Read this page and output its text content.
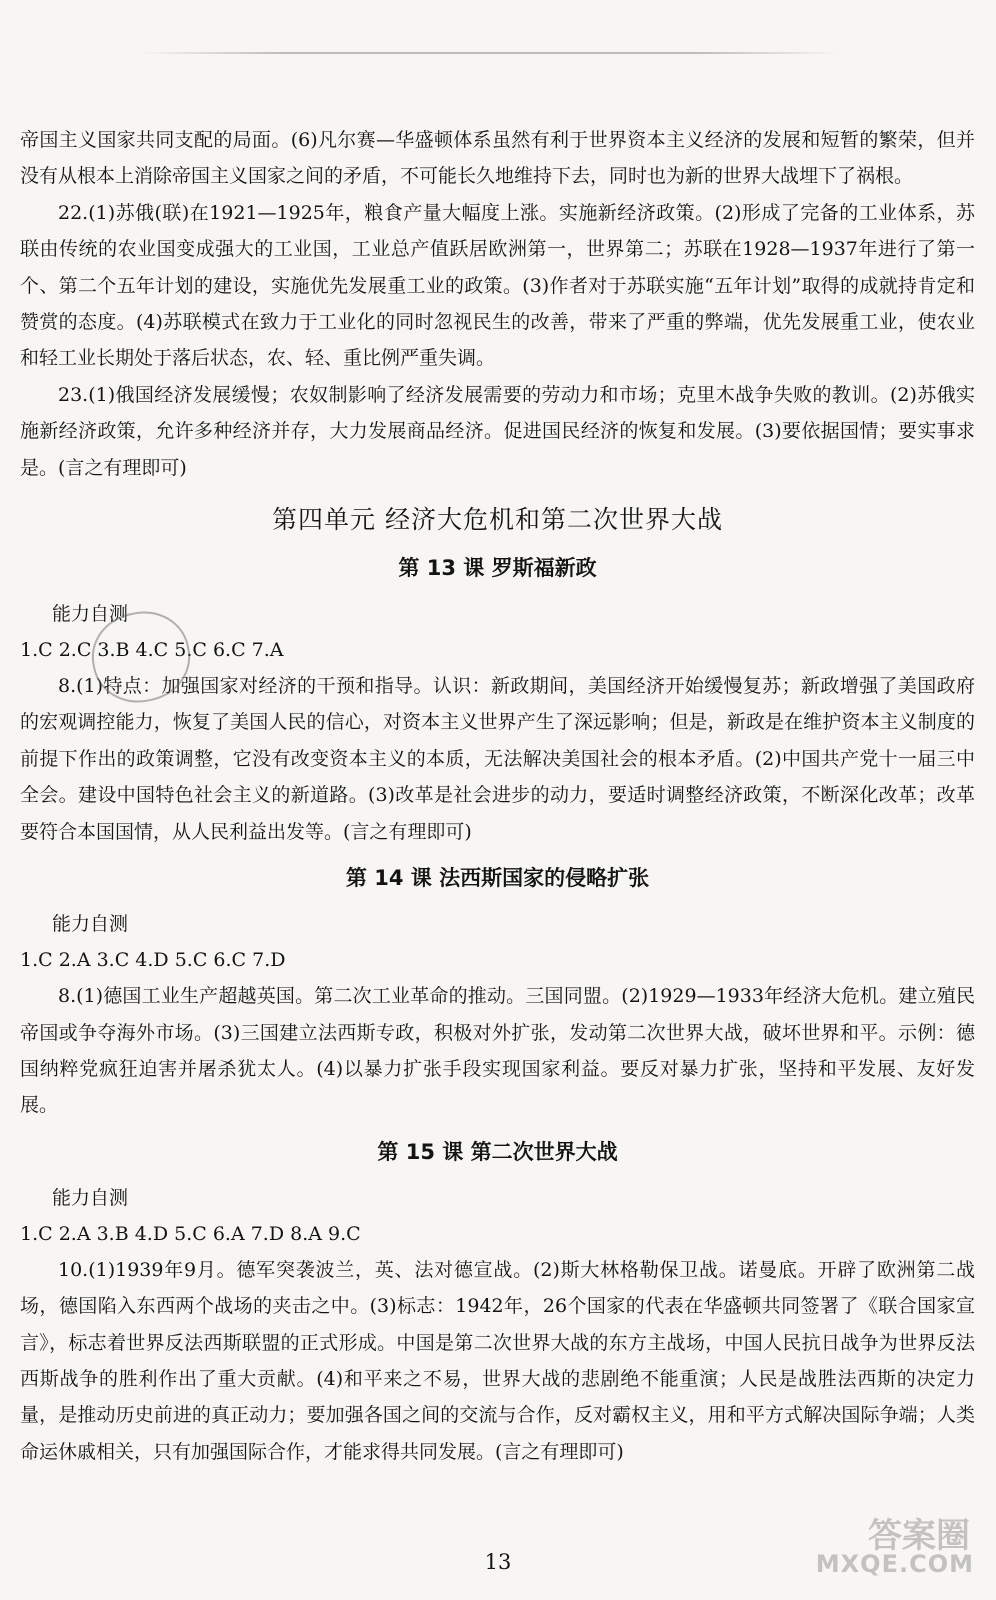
帝国主义国家共同支配的局面。(6)凡尔赛—华盛顿体系虽然有利于世界资本主义经济的发展和短暂的繁荣，但并没有从根本上消除帝国主义国家之间的矛盾，不可能长久地维持下去，同时也为新的世界大战埋下了祸根。

22.(1)苏俄(联)在1921—1925年，粮食产量大幅度上涨。实施新经济政策。(2)形成了完备的工业体系，苏联由传统的农业国变成强大的工业国，工业总产值跃居欧洲第一，世界第二；苏联在1928—1937年进行了第一个、第二个五年计划的建设，实施优先发展重工业的政策。(3)作者对于苏联实施“五年计划”取得的成就持肯定和赞赏的态度。(4)苏联模式在致力于工业化的同时忽视民生的改善，带来了严重的弊端，优先发展重工业，使农业和轻工业长期处于落后状态，农、轻、重比例严重失调。

23.(1)俄国经济发展缓慢；农奴制影响了经济发展需要的劳动力和市场；克里木战争失败的教训。(2)苏俄实施新经济政策，允许多种经济并存，大力发展商品经济。促进国民经济的恢复和发展。(3)要依据国情；要实事求是。(言之有理即可)

第四单元 经济大危机和第二次世界大战
第 13 课 罗斯福新政

能力自测

1.C 2.C 3.B 4.C 5.C 6.C 7.A

8.(1)特点：加强国家对经济的干预和指导。认识：新政期间，美国经济开始缓慢复苏；新政增强了美国政府的宏观调控能力，恢复了美国人民的信心，对资本主义世界产生了深远影响；但是，新政是在维护资本主义制度的前提下作出的政策调整，它没有改变资本主义的本质，无法解决美国社会的根本矛盾。(2)中国共产党十一届三中全会。建设中国特色社会主义的新道路。(3)改革是社会进步的动力，要适时调整经济政策，不断深化改革；改革要符合本国国情，从人民利益出发等。(言之有理即可)

第 14 课 法西斯国家的侵略扩张

能力自测

1.C 2.A 3.C 4.D 5.C 6.C 7.D

8.(1)德国工业生产超越英国。第二次工业革命的推动。三国同盟。(2)1929—1933年经济大危机。建立殖民帝国或争夺海外市场。(3)三国建立法西斯专政，积极对外扩张，发动第二次世界大战，破坏世界和平。示例：德国纳粹党疯狂迫害并屠杀犹太人。(4)以暴力扩张手段实现国家利益。要反对暴力扩张，坚持和平发展、友好发展。

第 15 课 第二次世界大战

能力自测

1.C 2.A 3.B 4.D 5.C 6.A 7.D 8.A 9.C

10.(1)1939年9月。德军突袭波兰，英、法对德宣战。(2)斯大林格勒保卫战。诺曼底。开辟了欧洲第二战场，德国陷入东西两个战场的夹击之中。(3)标志：1942年，26个国家的代表在华盛顿共同签署了《联合国家宣言》，标志着世界反法西斯联盟的正式形成。中国是第二次世界大战的东方主战场，中国人民抗日战争为世界反法西斯战争的胜利作出了重大贡献。(4)和平来之不易，世界大战的悲剧绝不能重演；人民是战胜法西斯的决定力量，是推动历史前进的真正动力；要加强各国之间的交流与合作，反对霸权主义，用和平方式解决国际争端；人类命运休戚相关，只有加强国际合作，才能求得共同发展。(言之有理即可)

答案圈
MXQE.COM
13
